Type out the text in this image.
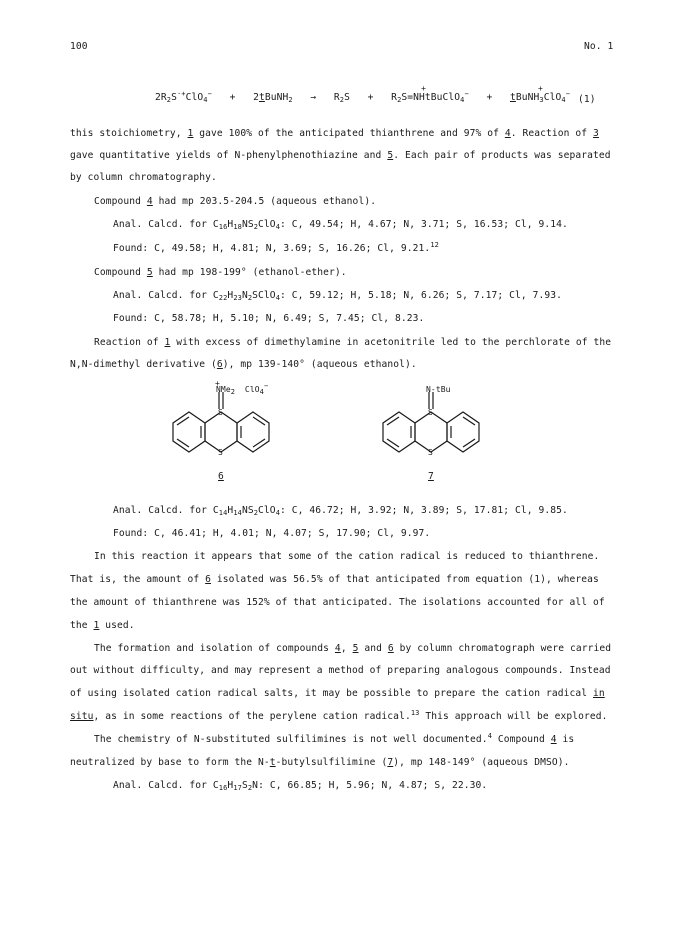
100	No. 1
$2R_2S^{\cdot+}ClO_4^-$ + 2tBuNH$_2$ → $R_2S$ +
+
$R_2S=NHtBuClO_4^-$ +
+
tBuNH$_3$ClO$_4$− (1)
this stoichiometry, 1 gave 100% of the anticipated thianthrene and 97% of 4. Reaction of 3
gave quantitative yields of N-phenylphenothiazine and 5. Each pair of products was separated
by column chromatography.
Compound 4 had mp 203.5-204.5 (aqueous ethanol).
Anal. Calcd. for $C_{16}H_{18}NS_2ClO_4$: C, 49.54; H, 4.67; N, 3.71; S, 16.53; Cl, 9.14.
Found: C, 49.58; H, 4.81; N, 3.69; S, 16.26; Cl, 9.21.12
Compound 5 had mp 198-199° (ethanol-ether).
Anal. Calcd. for $C_{22}H_{23}N_2SClO_4$: C, 59.12; H, 5.18; N, 6.26; S, 7.17; Cl, 7.93.
Found: C, 58.78; H, 5.10; N, 6.49; S, 7.45; Cl, 8.23.
Reaction of 1 with excess of dimethylamine in acetonitrile led to the perchlorate of the
N,N-dimethyl derivative (6), mp 139-140° (aqueous ethanol).
+
NMe$_2$ ClO$_4$−
S
S
6
N-tBu
S
S
7
Anal. Calcd. for $C_{14}H_{14}NS_2ClO_4$: C, 46.72; H, 3.92; N, 3.89; S, 17.81; Cl, 9.85.
Found: C, 46.41; H, 4.01; N, 4.07; S, 17.90; Cl, 9.97.
In this reaction it appears that some of the cation radical is reduced to thianthrene.
That is, the amount of 6 isolated was 56.5% of that anticipated from equation (1), whereas
the amount of thianthrene was 152% of that anticipated. The isolations accounted for all of
the 1 used.
The formation and isolation of compounds 4, 5 and 6 by column chromatograph were carried
out without difficulty, and may represent a method of preparing analogous compounds. Instead
of using isolated cation radical salts, it may be possible to prepare the cation radical in
situ, as in some reactions of the perylene cation radical.$^{13}$ This approach will be explored.
The chemistry of N-substituted sulfilimines is not well documented.$^4$ Compound 4 is
neutralized by base to form the N-t-butylsulfilimine (7), mp 148-149° (aqueous DMSO).
Anal. Calcd. for $C_{16}H_{17}S_2N$: C, 66.85; H, 5.96; N, 4.87; S, 22.30.
